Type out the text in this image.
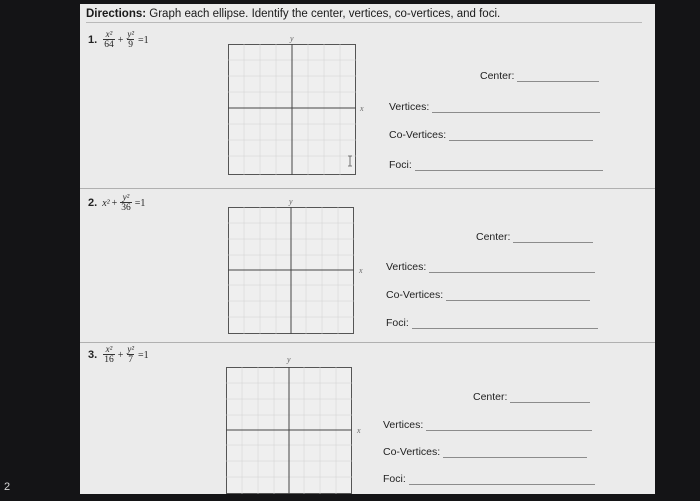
2
Directions: Graph each ellipse. Identify the center, vertices, co-vertices, and foci.
1. $\frac{\text{x²}}{64} + \frac{\text{y²}}{9} =1$	y
x
Center:
Vertices:
Co-Vertices:
Foci:
2. $x^2 + \frac{\text{y²}}{36} =1$	y
x
Center:
Vertices:
Co-Vertices:
Foci:
3. $\frac{\text{x²}}{16} + \frac{\text{y²}}{7} =1$	y
x
Center:
Vertices:
Co-Vertices:
Foci:
